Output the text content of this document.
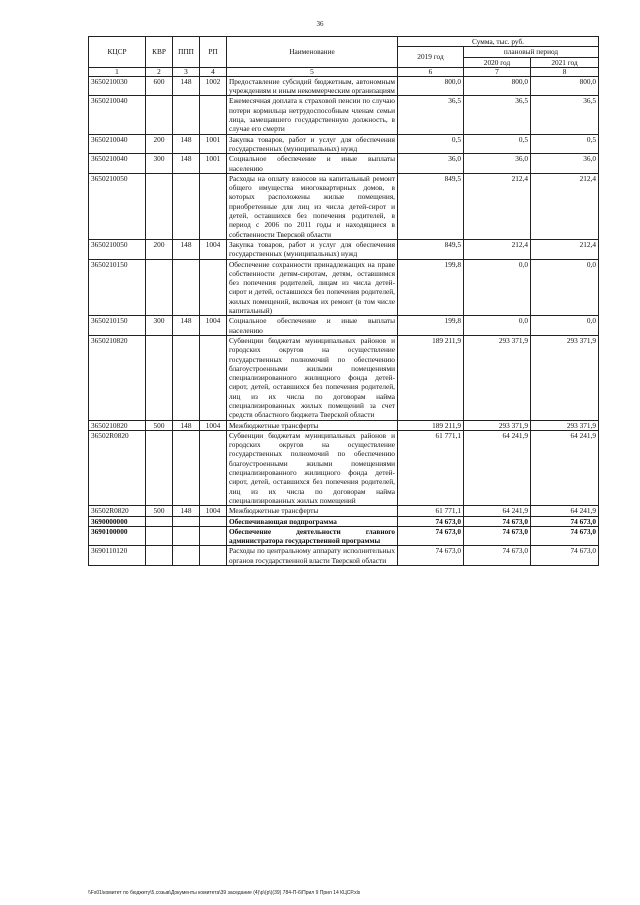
36
КЦСР	КВР	ППП	РП	Наименование	Сумма, тыс. руб.		
					2019 год	плановый период	
						2020 год	2021 год
1	2	3	4	5	6	7	8
3650210030	600	148	1002	Предоставление субсидий бюджетным, автономным учреждениям и иным некоммерческим организациям	800,0	800,0	800,0
3650210040				Ежемесячная доплата к страховой пенсии по случаю потери кормильца нетрудоспособным членам семьи лица, замещавшего государственную должность, в случае его смерти	36,5	36,5	36,5
3650210040	200	148	1001	Закупка товаров, работ и услуг для обеспечения государственных (муниципальных) нужд	0,5	0,5	0,5
3650210040	300	148	1001	Социальное обеспечение и иные выплаты населению	36,0	36,0	36,0
3650210050				Расходы на оплату взносов на капитальный ремонт общего имущества многоквартирных домов, в которых расположены жилые помещения, приобретенные для лиц из числа детей-сирот и детей, оставшихся без попечения родителей, в период с 2006 по 2011 годы и находящиеся в собственности Тверской области	849,5	212,4	212,4
3650210050	200	148	1004	Закупка товаров, работ и услуг для обеспечения государственных (муниципальных) нужд	849,5	212,4	212,4
3650210150				Обеспечение сохранности принадлежащих на праве собственности детям-сиротам, детям, оставшимся без попечения родителей, лицам из числа детей-сирот и детей, оставшихся без попечения родителей, жилых помещений, включая их ремонт (в том числе капитальный)	199,8	0,0	0,0
3650210150	300	148	1004	Социальное обеспечение и иные выплаты населению	199,8	0,0	0,0
3650210820				Субвенции бюджетам муниципальных районов и городских округов на осуществление государственных полномочий по обеспечению благоустроенными жилыми помещениями специализированного жилищного фонда детей-сирот, детей, оставшихся без попечения родителей, лиц из их числа по договорам найма специализированных жилых помещений за счет средств областного бюджета Тверской области	189 211,9	293 371,9	293 371,9
3650210820	500	148	1004	Межбюджетные трансферты	189 211,9	293 371,9	293 371,9
36502R0820				Субвенции бюджетам муниципальных районов и городских округов на осуществление государственных полномочий по обеспечению благоустроенными жилыми помещениями специализированного жилищного фонда детей-сирот, детей, оставшихся без попечения родителей, лиц из их числа по договорам найма специализированных жилых помещений	61 771,1	64 241,9	64 241,9
36502R0820	500	148	1004	Межбюджетные трансферты	61 771,1	64 241,9	64 241,9
3690000000				Обеспечивающая подпрограмма	74 673,0	74 673,0	74 673,0
3690100000				Обеспечение деятельности главного администратора государственной программы	74 673,0	74 673,0	74 673,0
3690110120				Расходы по центральному аппарату исполнительных органов государственной власти Тверской области	74 673,0	74 673,0	74 673,0
\\Fs01\комитет по бюджету\5.созыв\Документы комитета\39 заседание (4)\р\(р\)(39) 784-П-6\Прил 9 Прил 14 КЦСР.xls
